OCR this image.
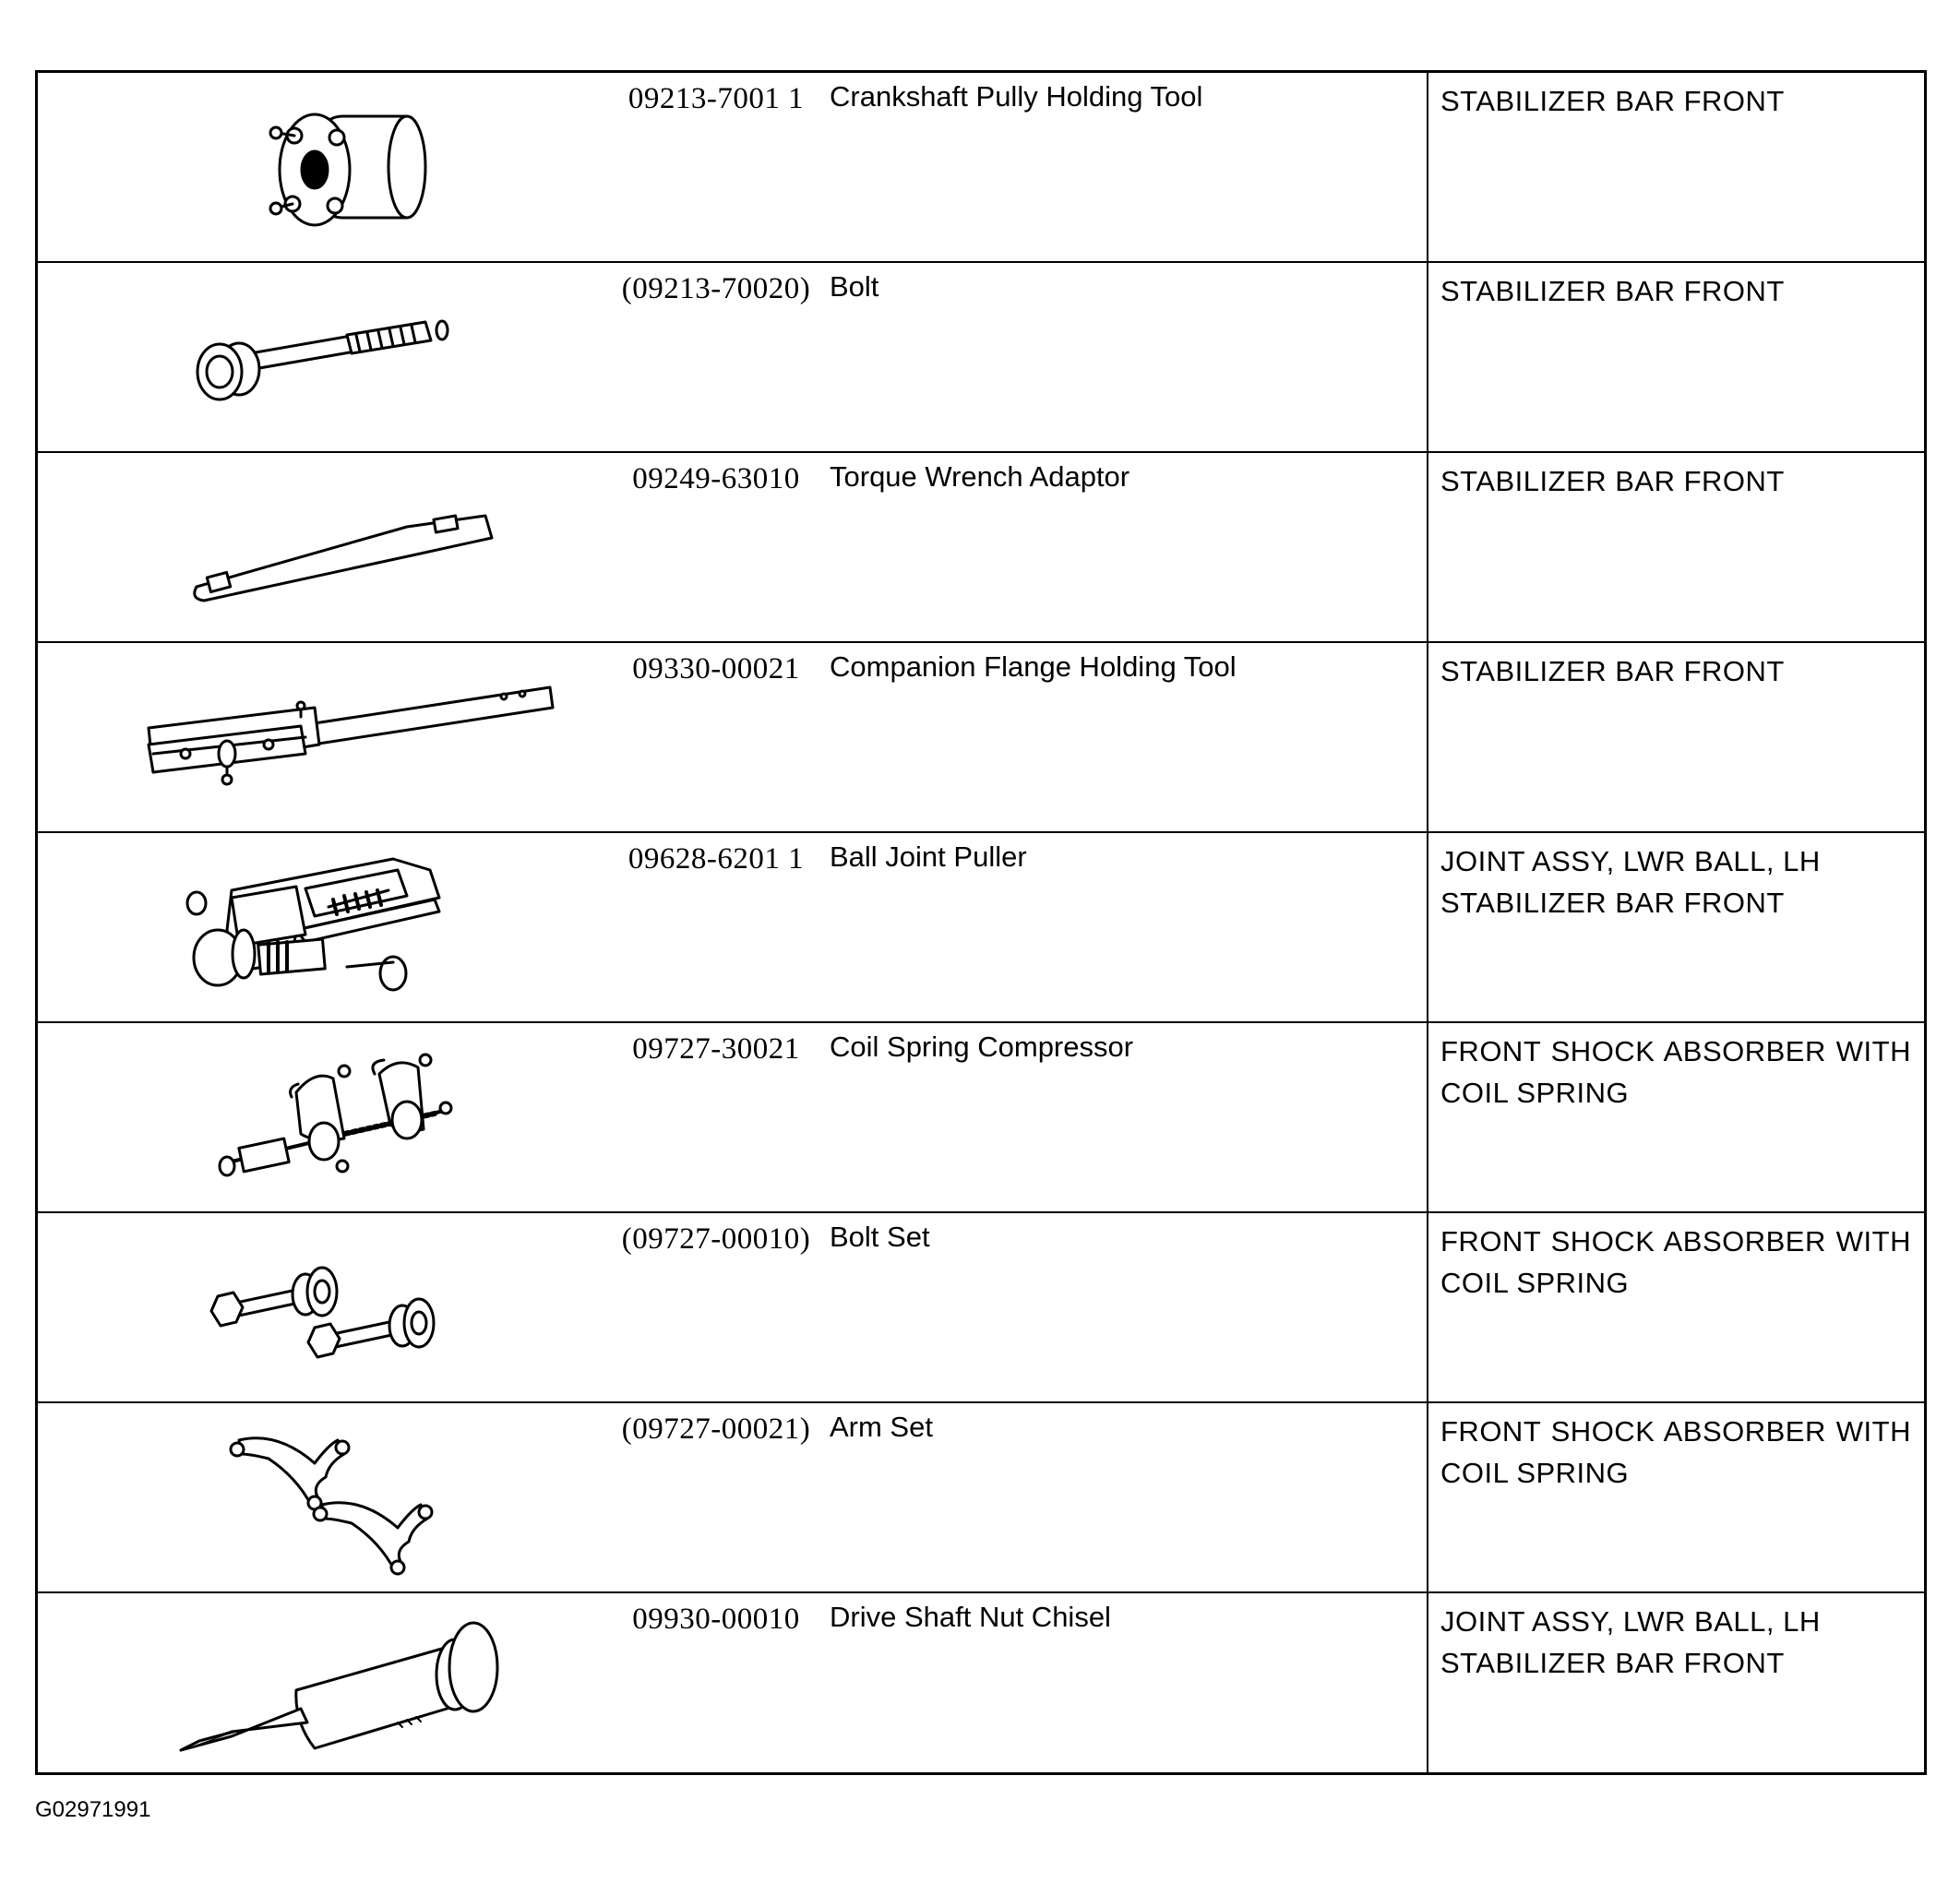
09213-7001 1 Crankshaft Pully Holding Tool	STABILIZER BAR FRONT
(09213-70020) Bolt	STABILIZER BAR FRONT
09249-63010	Torque Wrench Adaptor	STABILIZER BAR FRONT
09330-00021	Companion Flange Holding Tool	STABILIZER BAR FRONT
09628-6201 1 Ball Joint Puller	JOINT ASSY, LWR BALL, LH
STABILIZER BAR FRONT
09727-30021	Coil Spring Compressor	FRONT SHOCK ABSORBER WITH
COIL SPRING
(09727-00010) Bolt Set	FRONT SHOCK ABSORBER WITH
COIL SPRING
(09727-00021) Arm Set	FRONT SHOCK ABSORBER WITH
COIL SPRING
09930-00010	Drive Shaft Nut Chisel	JOINT ASSY, LWR BALL, LH
STABILIZER BAR FRONT
G02971991
